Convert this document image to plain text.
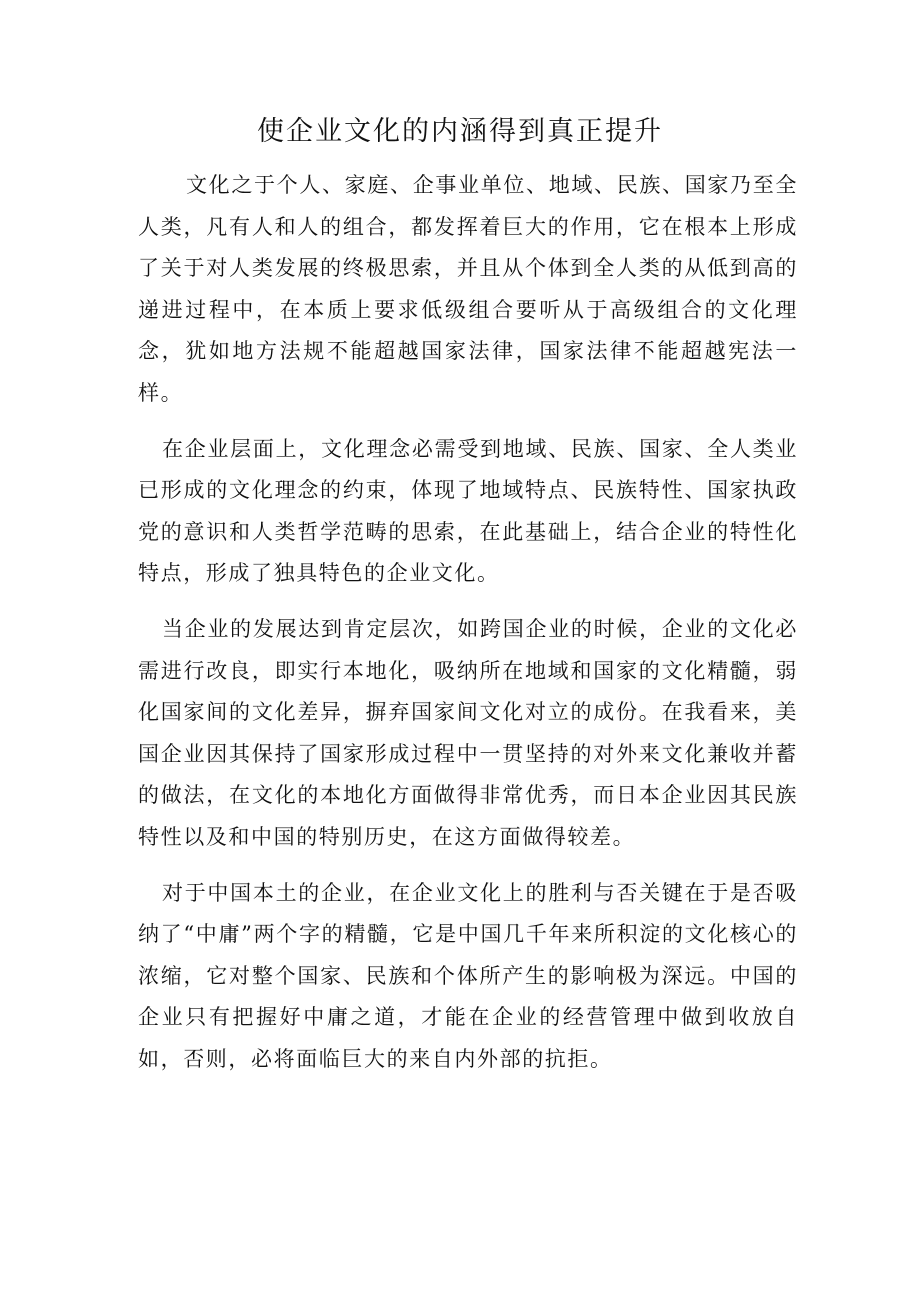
使企业文化的内涵得到真正提升

文化之于个人、家庭、企事业单位、地域、民族、国家乃至全人类，凡有人和人的组合，都发挥着巨大的作用，它在根本上形成了关于对人类发展的终极思索，并且从个体到全人类的从低到高的递进过程中，在本质上要求低级组合要听从于高级组合的文化理念，犹如地方法规不能超越国家法律，国家法律不能超越宪法一样。

在企业层面上，文化理念必需受到地域、民族、国家、全人类业已形成的文化理念的约束，体现了地域特点、民族特性、国家执政党的意识和人类哲学范畴的思索，在此基础上，结合企业的特性化特点，形成了独具特色的企业文化。

当企业的发展达到肯定层次，如跨国企业的时候，企业的文化必需进行改良，即实行本地化，吸纳所在地域和国家的文化精髓，弱化国家间的文化差异，摒弃国家间文化对立的成份。在我看来，美国企业因其保持了国家形成过程中一贯坚持的对外来文化兼收并蓄的做法，在文化的本地化方面做得非常优秀，而日本企业因其民族特性以及和中国的特别历史，在这方面做得较差。

对于中国本土的企业，在企业文化上的胜利与否关键在于是否吸纳了“中庸”两个字的精髓，它是中国几千年来所积淀的文化核心的浓缩，它对整个国家、民族和个体所产生的影响极为深远。中国的企业只有把握好中庸之道，才能在企业的经营管理中做到收放自如，否则，必将面临巨大的来自内外部的抗拒。
